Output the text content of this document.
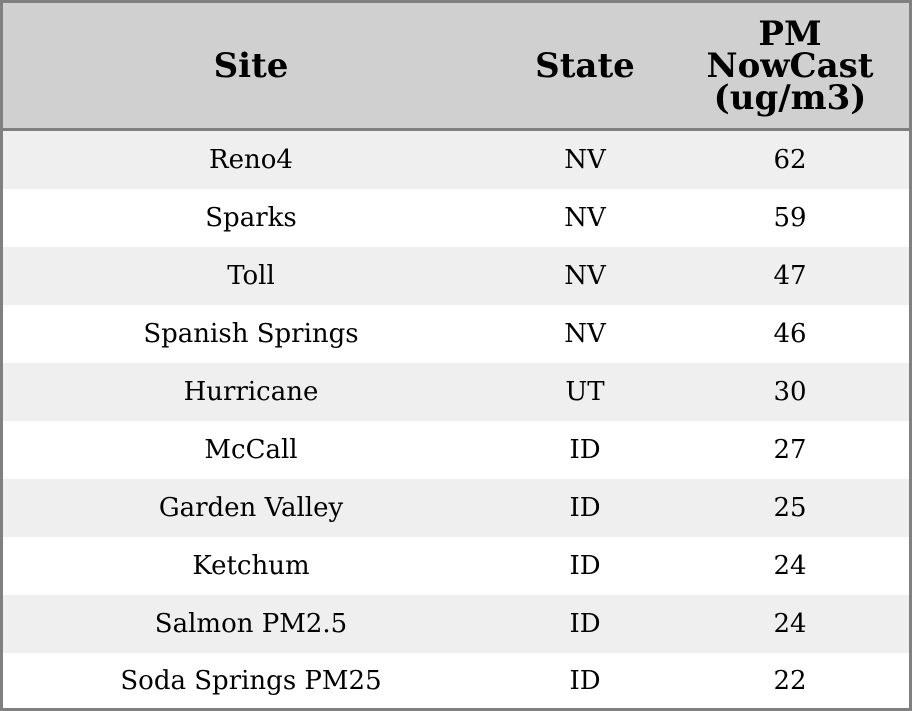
Site	State	PM
NowCast
(ug/m3)
Reno4	NV	62
Sparks	NV	59
Toll	NV	47
Spanish Springs	NV	46
Hurricane	UT	30
McCall	ID	27
Garden Valley	ID	25
Ketchum	ID	24
Salmon PM2.5	ID	24
Soda Springs PM25	ID	22
